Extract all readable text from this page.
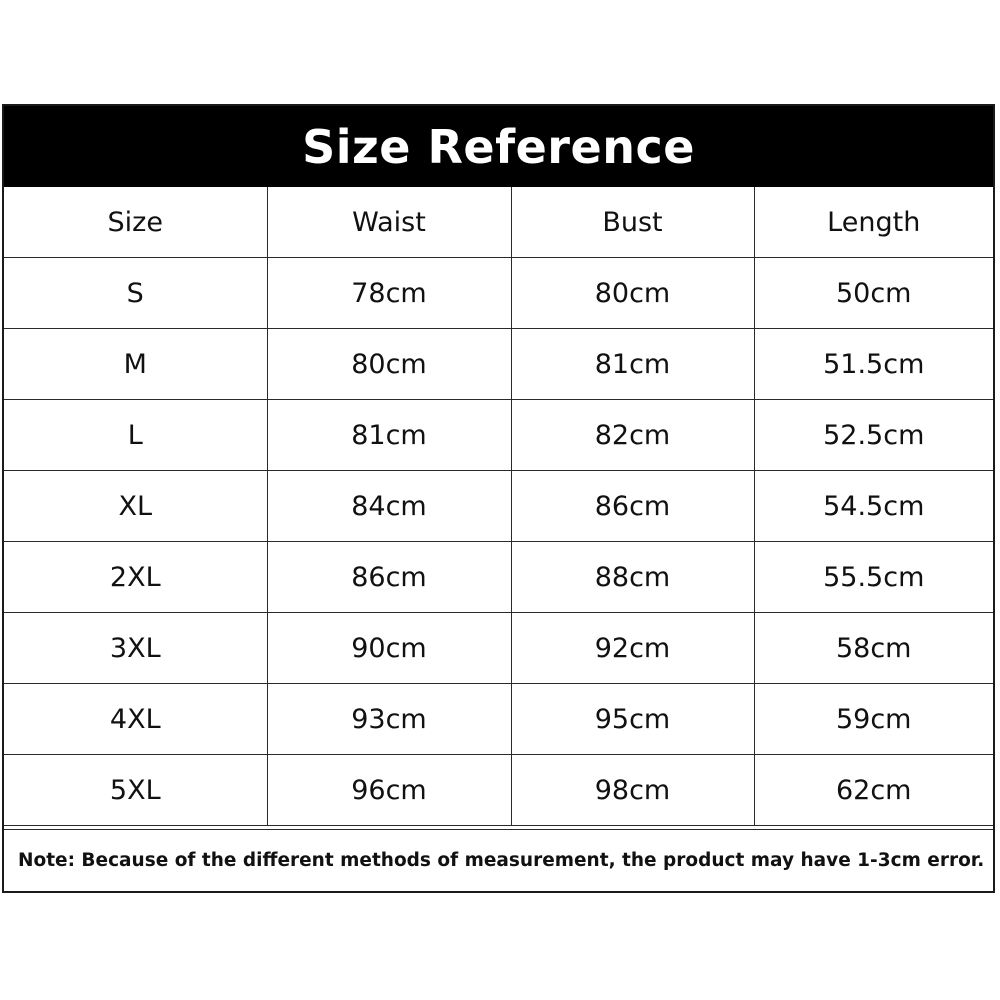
Size Reference
Size	Waist	Bust	Length
S	78cm	80cm	50cm
M	80cm	81cm	51.5cm
L	81cm	82cm	52.5cm
XL	84cm	86cm	54.5cm
2XL	86cm	88cm	55.5cm
3XL	90cm	92cm	58cm
4XL	93cm	95cm	59cm
5XL	96cm	98cm	62cm
Note: Because of the different methods of measurement, the product may have 1-3cm error.
